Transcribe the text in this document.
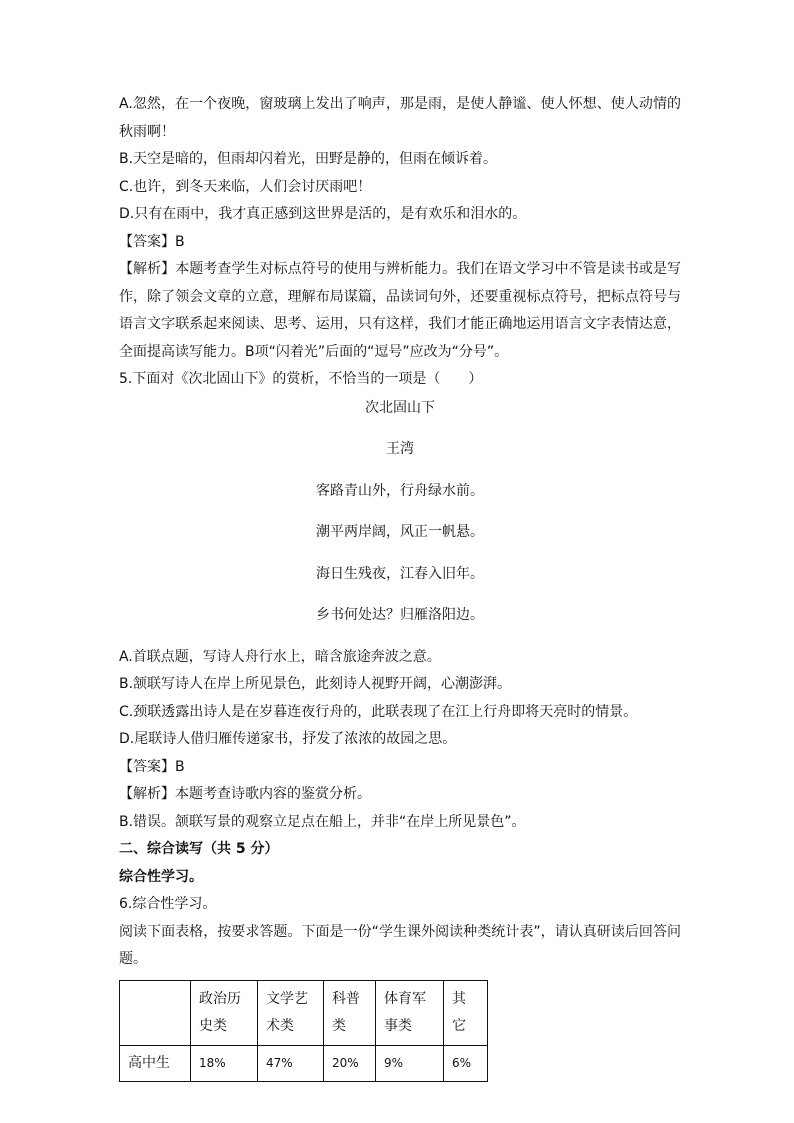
A.忽然，在一个夜晚，窗玻璃上发出了响声，那是雨，是使人静谧、使人怀想、使人动情的秋雨啊！

B.天空是暗的，但雨却闪着光，田野是静的，但雨在倾诉着。

C.也许，到冬天来临，人们会讨厌雨吧！

D.只有在雨中，我才真正感到这世界是活的，是有欢乐和泪水的。

【答案】B

【解析】本题考查学生对标点符号的使用与辨析能力。我们在语文学习中不管是读书或是写作，除了领会文章的立意，理解布局谋篇，品读词句外，还要重视标点符号，把标点符号与语言文字联系起来阅读、思考、运用，只有这样，我们才能正确地运用语言文字表情达意，全面提高读写能力。B项“闪着光”后面的“逗号”应改为“分号”。

5.下面对《次北固山下》的赏析，不恰当的一项是（　　）

次北固山下

王湾

客路青山外，行舟绿水前。

潮平两岸阔，风正一帆悬。

海日生残夜，江春入旧年。

乡书何处达？归雁洛阳边。

A.首联点题，写诗人舟行水上，暗含旅途奔波之意。

B.颔联写诗人在岸上所见景色，此刻诗人视野开阔，心潮澎湃。

C.颈联透露出诗人是在岁暮连夜行舟的，此联表现了在江上行舟即将天亮时的情景。

D.尾联诗人借归雁传递家书，抒发了浓浓的故园之思。

【答案】B

【解析】本题考查诗歌内容的鉴赏分析。

B.错误。颔联写景的观察立足点在船上，并非“在岸上所见景色”。

二、综合读写（共 5 分）

综合性学习。

6.综合性学习。

阅读下面表格，按要求答题。下面是一份“学生课外阅读种类统计表”，请认真研读后回答问题。

	政治历史类	文学艺术类	科普类	体育军事类	其它
高中生	18%	47%	20%	9%	6%
